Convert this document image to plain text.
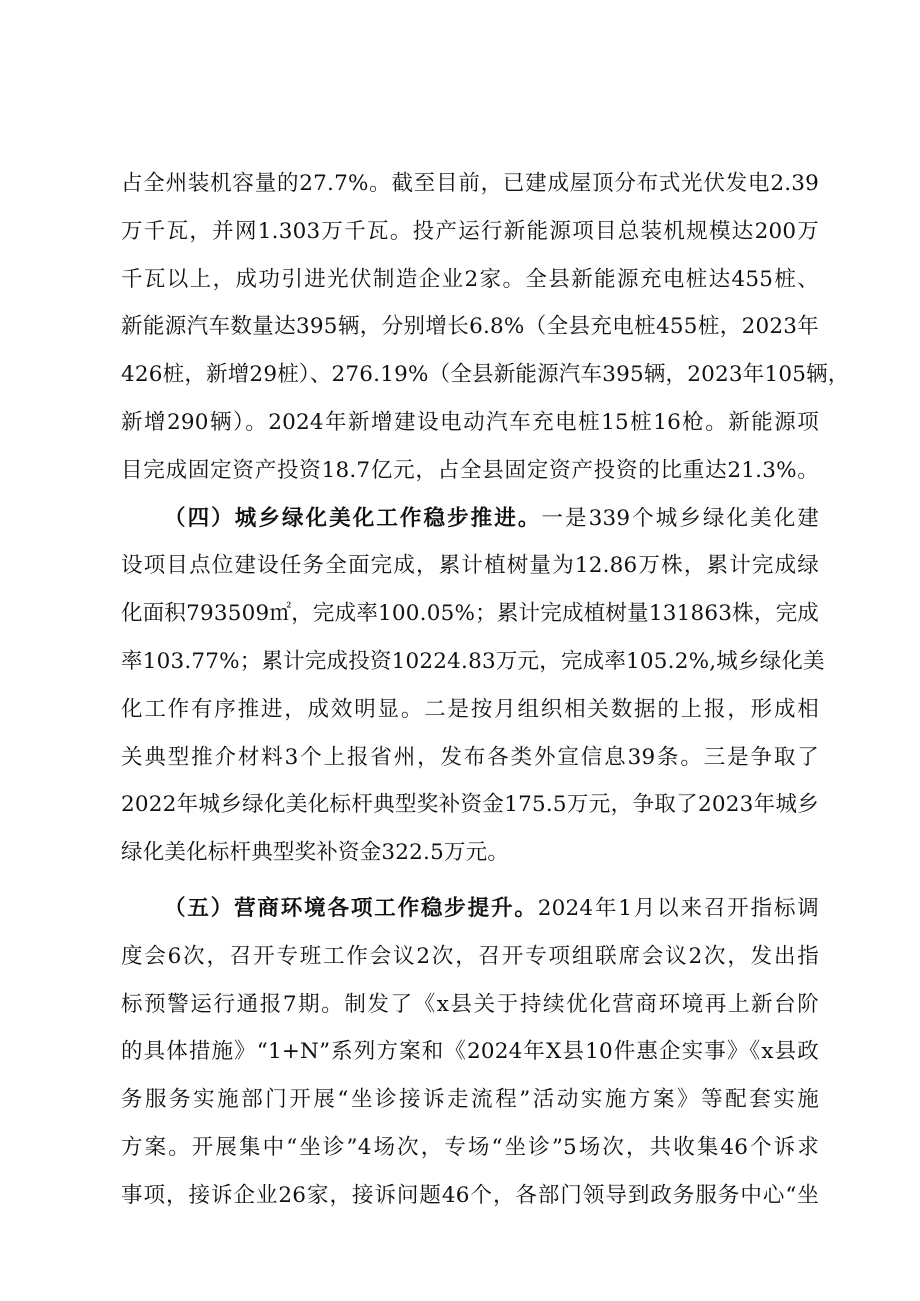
占全州装机容量的27.7%。截至目前，已建成屋顶分布式光伏发电2.39
万千瓦，并网1.303万千瓦。投产运行新能源项目总装机规模达200万
千瓦以上，成功引进光伏制造企业2家。全县新能源充电桩达455桩、
新能源汽车数量达395辆，分别增长6.8%（全县充电桩455桩，2023年
426桩，新增29桩）、276.19%（全县新能源汽车395辆，2023年105辆，
新增290辆）。2024年新增建设电动汽车充电桩15桩16枪。新能源项
目完成固定资产投资18.7亿元，占全县固定资产投资的比重达21.3%。
（四）城乡绿化美化工作稳步推进。一是339个城乡绿化美化建
设项目点位建设任务全面完成，累计植树量为12.86万株，累计完成绿
化面积793509㎡，完成率100.05%；累计完成植树量131863株，完成
率103.77%；累计完成投资10224.83万元，完成率105.2%,城乡绿化美
化工作有序推进，成效明显。二是按月组织相关数据的上报，形成相
关典型推介材料3个上报省州，发布各类外宣信息39条。三是争取了
2022年城乡绿化美化标杆典型奖补资金175.5万元，争取了2023年城乡
绿化美化标杆典型奖补资金322.5万元。
（五）营商环境各项工作稳步提升。2024年1月以来召开指标调
度会6次，召开专班工作会议2次，召开专项组联席会议2次，发出指
标预警运行通报7期。制发了《x县关于持续优化营商环境再上新台阶
的具体措施》“1+N”系列方案和《2024年X县10件惠企实事》《x县政
务服务实施部门开展“坐诊接诉走流程”活动实施方案》等配套实施
方案。开展集中“坐诊”4场次，专场“坐诊”5场次，共收集46个诉求
事项，接诉企业26家，接诉问题46个，各部门领导到政务服务中心“坐
